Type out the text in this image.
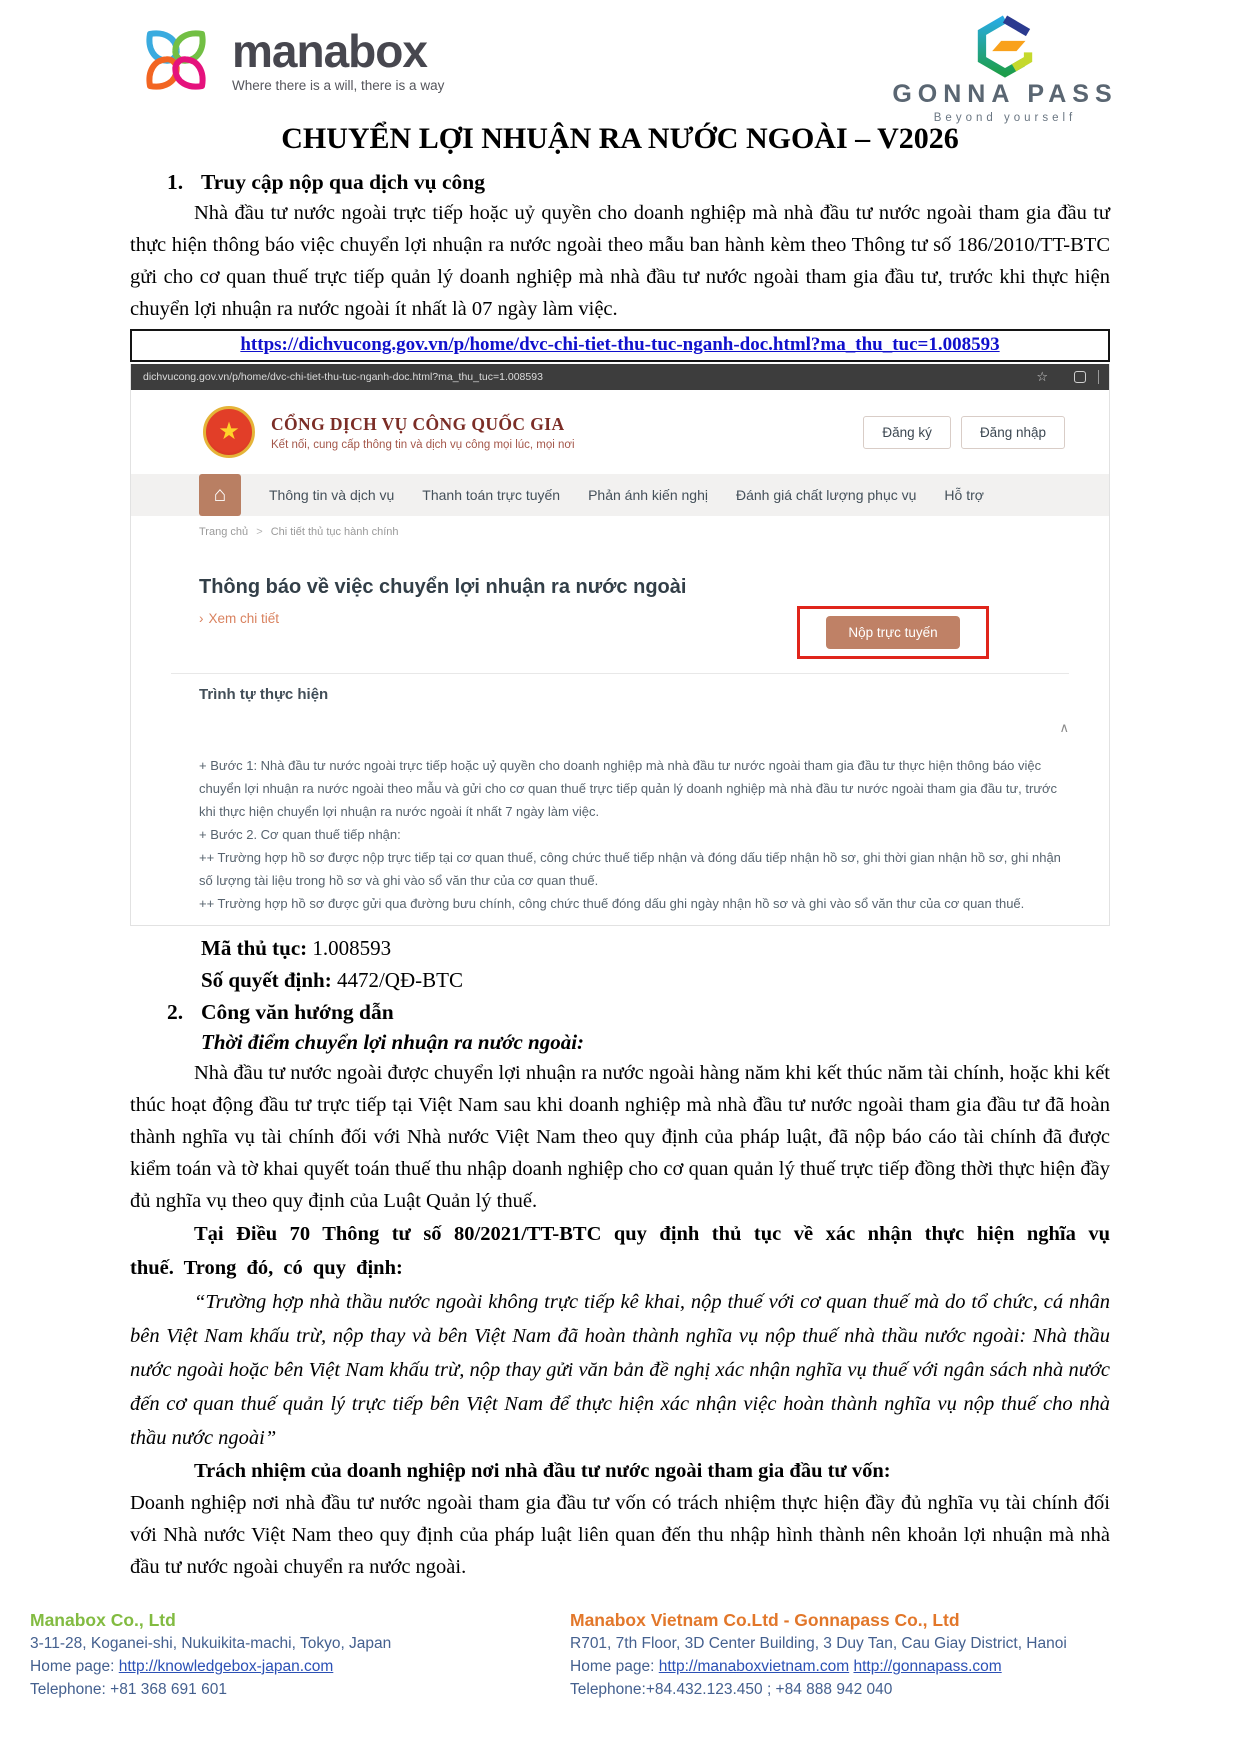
manabox
Where there is a will, there is a way	GONNA PASS
Beyond yourself
CHUYỂN LỢI NHUẬN RA NƯỚC NGOÀI – V2026
1. Truy cập nộp qua dịch vụ công

Nhà đầu tư nước ngoài trực tiếp hoặc uỷ quyền cho doanh nghiệp mà nhà đầu tư nước ngoài tham gia đầu tư thực hiện thông báo việc chuyển lợi nhuận ra nước ngoài theo mẫu ban hành kèm theo Thông tư số 186/2010/TT-BTC gửi cho cơ quan thuế trực tiếp quản lý doanh nghiệp mà nhà đầu tư nước ngoài tham gia đầu tư, trước khi thực hiện chuyển lợi nhuận ra nước ngoài ít nhất là 07 ngày làm việc.

https://dichvucong.gov.vn/p/home/dvc-chi-tiet-thu-tuc-nganh-doc.html?ma_thu_tuc=1.008593
dichvucong.gov.vn/p/home/dvc-chi-tiet-thu-tuc-nganh-doc.html?ma_thu_tuc=1.008593	☆
★ CỔNG DỊCH VỤ CÔNG QUỐC GIA
Kết nối, cung cấp thông tin và dịch vụ công mọi lúc, mọi nơi
Đăng ký	Đăng nhập
⌂	Thông tin và dịch vụ Thanh toán trực tuyến Phản ánh kiến nghị Đánh giá chất lượng phục vụ Hỗ trợ
Trang chủ > Chi tiết thủ tục hành chính
Thông báo về việc chuyển lợi nhuận ra nước ngoài
› Xem chi tiết
Nộp trực tuyến
Trình tự thực hiện
∧
+ Bước 1: Nhà đầu tư nước ngoài trực tiếp hoặc uỷ quyền cho doanh nghiệp mà nhà đầu tư nước ngoài tham gia đầu tư thực hiện thông báo việc chuyển lợi nhuận ra nước ngoài theo mẫu và gửi cho cơ quan thuế trực tiếp quản lý doanh nghiệp mà nhà đầu tư nước ngoài tham gia đầu tư, trước khi thực hiện chuyển lợi nhuận ra nước ngoài ít nhất 7 ngày làm việc.
+ Bước 2. Cơ quan thuế tiếp nhận:
++ Trường hợp hồ sơ được nộp trực tiếp tại cơ quan thuế, công chức thuế tiếp nhận và đóng dấu tiếp nhận hồ sơ, ghi thời gian nhận hồ sơ, ghi nhận số lượng tài liệu trong hồ sơ và ghi vào sổ văn thư của cơ quan thuế.
++ Trường hợp hồ sơ được gửi qua đường bưu chính, công chức thuế đóng dấu ghi ngày nhận hồ sơ và ghi vào sổ văn thư của cơ quan thuế.
Mã thủ tục: 1.008593
Số quyết định: 4472/QĐ-BTC
2. Công văn hướng dẫn

Thời điểm chuyển lợi nhuận ra nước ngoài:

Nhà đầu tư nước ngoài được chuyển lợi nhuận ra nước ngoài hàng năm khi kết thúc năm tài chính, hoặc khi kết thúc hoạt động đầu tư trực tiếp tại Việt Nam sau khi doanh nghiệp mà nhà đầu tư nước ngoài tham gia đầu tư đã hoàn thành nghĩa vụ tài chính đối với Nhà nước Việt Nam theo quy định của pháp luật, đã nộp báo cáo tài chính đã được kiểm toán và tờ khai quyết toán thuế thu nhập doanh nghiệp cho cơ quan quản lý thuế trực tiếp đồng thời thực hiện đầy đủ nghĩa vụ theo quy định của Luật Quản lý thuế.

Tại Điều 70 Thông tư số 80/2021/TT-BTC quy định thủ tục về xác nhận thực hiện nghĩa vụ thuế. Trong đó, có quy định:

“Trường hợp nhà thầu nước ngoài không trực tiếp kê khai, nộp thuế với cơ quan thuế mà do tổ chức, cá nhân bên Việt Nam khấu trừ, nộp thay và bên Việt Nam đã hoàn thành nghĩa vụ nộp thuế nhà thầu nước ngoài: Nhà thầu nước ngoài hoặc bên Việt Nam khấu trừ, nộp thay gửi văn bản đề nghị xác nhận nghĩa vụ thuế với ngân sách nhà nước đến cơ quan thuế quản lý trực tiếp bên Việt Nam để thực hiện xác nhận việc hoàn thành nghĩa vụ nộp thuế cho nhà thầu nước ngoài”

Trách nhiệm của doanh nghiệp nơi nhà đầu tư nước ngoài tham gia đầu tư vốn:

Doanh nghiệp nơi nhà đầu tư nước ngoài tham gia đầu tư vốn có trách nhiệm thực hiện đầy đủ nghĩa vụ tài chính đối với Nhà nước Việt Nam theo quy định của pháp luật liên quan đến thu nhập hình thành nên khoản lợi nhuận mà nhà đầu tư nước ngoài chuyển ra nước ngoài.

Manabox Co., Ltd
3-11-28, Koganei-shi, Nukuikita-machi, Tokyo, Japan
Home page: http://knowledgebox-japan.com
Telephone: +81 368 691 601
Manabox Vietnam Co.Ltd - Gonnapass Co., Ltd
R701, 7th Floor, 3D Center Building, 3 Duy Tan, Cau Giay District, Hanoi
Home page: http://manaboxvietnam.com http://gonnapass.com
Telephone:+84.432.123.450 ; +84 888 942 040
